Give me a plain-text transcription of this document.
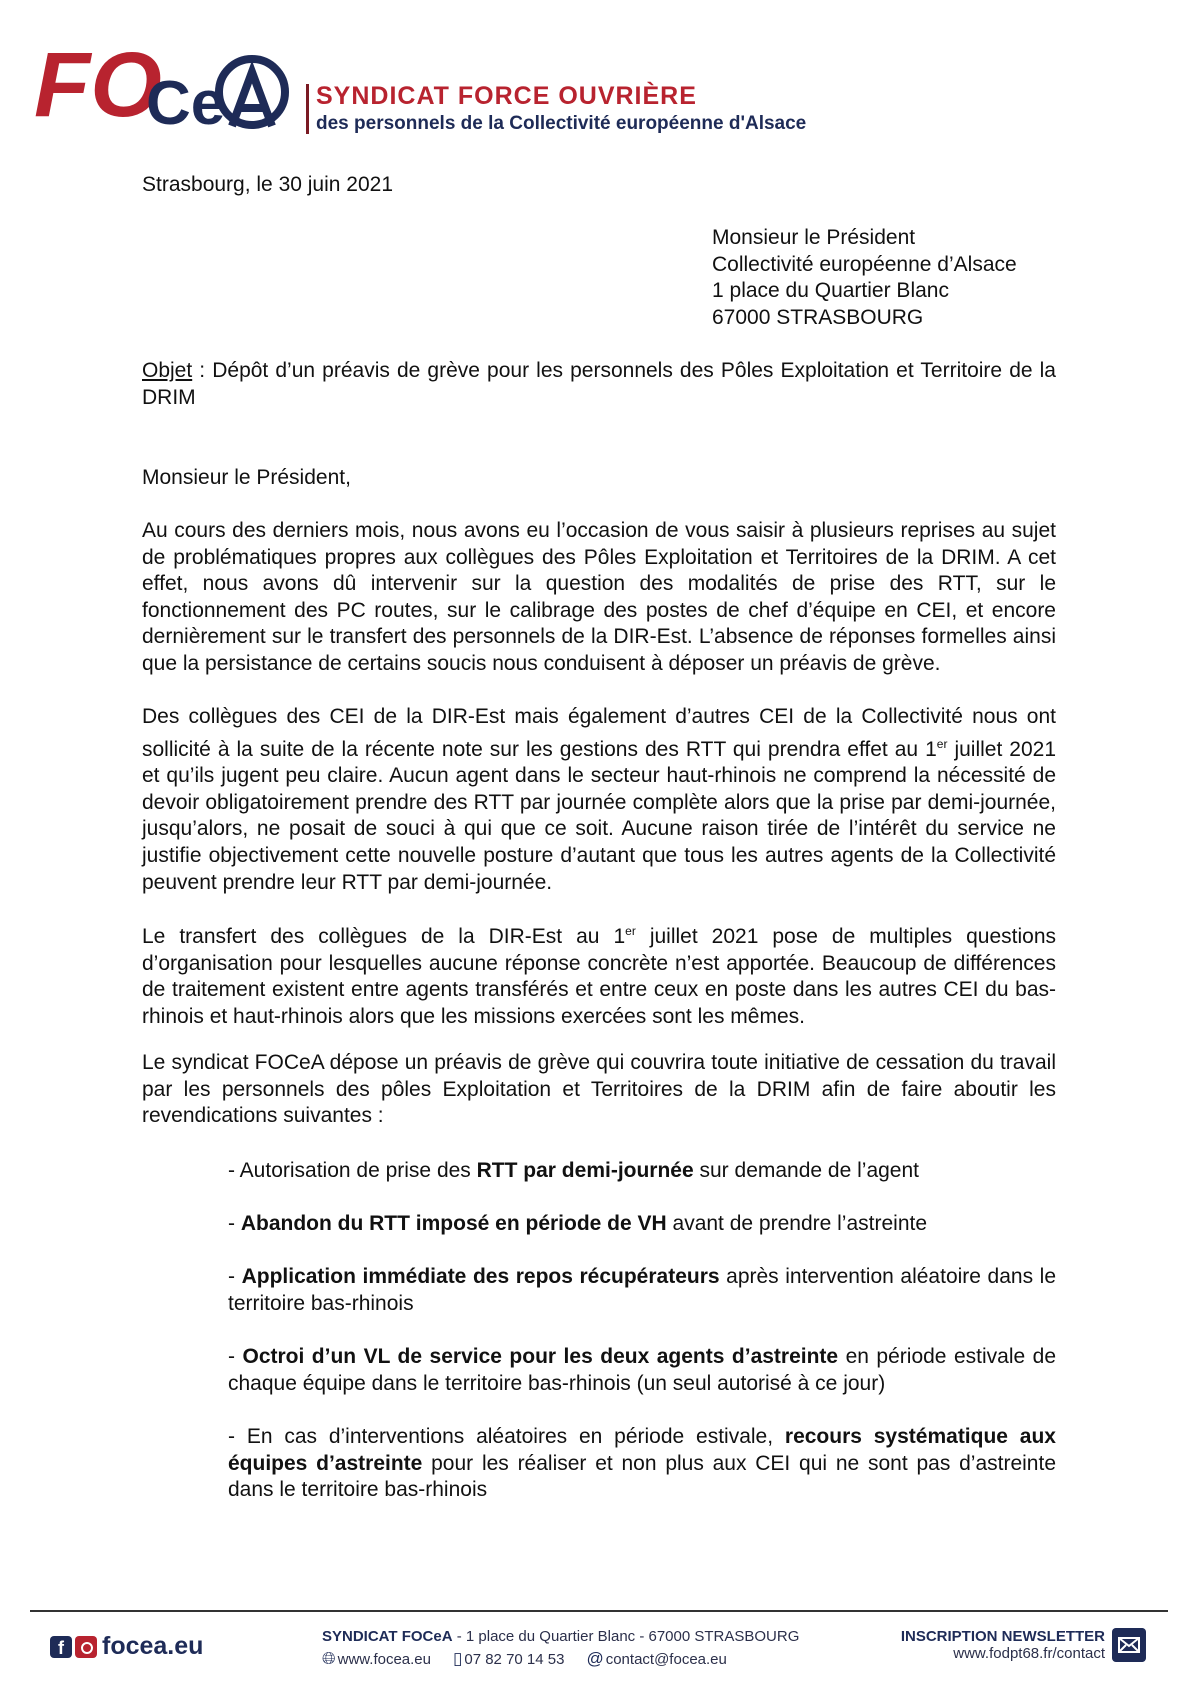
FO
Ce	SYNDICAT FORCE OUVRIÈRE
des personnels de la Collectivité européenne d'Alsace
Strasbourg, le 30 juin 2021
Monsieur le Président
Collectivité européenne d’Alsace
1 place du Quartier Blanc
67000 STRASBOURG
Objet : Dépôt d’un préavis de grève pour les personnels des Pôles Exploitation et Territoire de la DRIM
Monsieur le Président,
Au cours des derniers mois, nous avons eu l’occasion de vous saisir à plusieurs reprises au sujet de problématiques propres aux collègues des Pôles Exploitation et Territoires de la DRIM. A cet effet, nous avons dû intervenir sur la question des modalités de prise des RTT, sur le fonctionnement des PC routes, sur le calibrage des postes de chef d’équipe en CEI, et encore dernièrement sur le transfert des personnels de la DIR-Est. L’absence de réponses formelles ainsi que la persistance de certains soucis nous conduisent à déposer un préavis de grève.
Des collègues des CEI de la DIR-Est mais également d’autres CEI de la Collectivité nous ont sollicité à la suite de la récente note sur les gestions des RTT qui prendra effet au 1er juillet 2021 et qu’ils jugent peu claire. Aucun agent dans le secteur haut-rhinois ne comprend la nécessité de devoir obligatoirement prendre des RTT par journée complète alors que la prise par demi-journée, jusqu’alors, ne posait de souci à qui que ce soit. Aucune raison tirée de l’intérêt du service ne justifie objectivement cette nouvelle posture d’autant que tous les autres agents de la Collectivité peuvent prendre leur RTT par demi-journée.
Le transfert des collègues de la DIR-Est au 1er juillet 2021 pose de multiples questions d’organisation pour lesquelles aucune réponse concrète n’est apportée. Beaucoup de différences de traitement existent entre agents transférés et entre ceux en poste dans les autres CEI du bas-rhinois et haut-rhinois alors que les missions exercées sont les mêmes.
Le syndicat FOCeA dépose un préavis de grève qui couvrira toute initiative de cessation du travail par les personnels des pôles Exploitation et Territoires de la DRIM afin de faire aboutir les revendications suivantes :
- Autorisation de prise des RTT par demi-journée sur demande de l’agent
- Abandon du RTT imposé en période de VH avant de prendre l’astreinte
- Application immédiate des repos récupérateurs après intervention aléatoire dans le territoire bas-rhinois
- Octroi d’un VL de service pour les deux agents d’astreinte en période estivale de chaque équipe dans le territoire bas-rhinois (un seul autorisé à ce jour)
- En cas d’interventions aléatoires en période estivale, recours systématique aux équipes d’astreinte pour les réaliser et non plus aux CEI qui ne sont pas d’astreinte dans le territoire bas-rhinois
f focea.eu	SYNDICAT FOCeA - 1 place du Quartier Blanc - 67000 STRASBOURG
🌐︎ www.focea.eu ▯ 07 82 70 14 53 @ contact@focea.eu
INSCRIPTION NEWSLETTER
www.fodpt68.fr/contact
